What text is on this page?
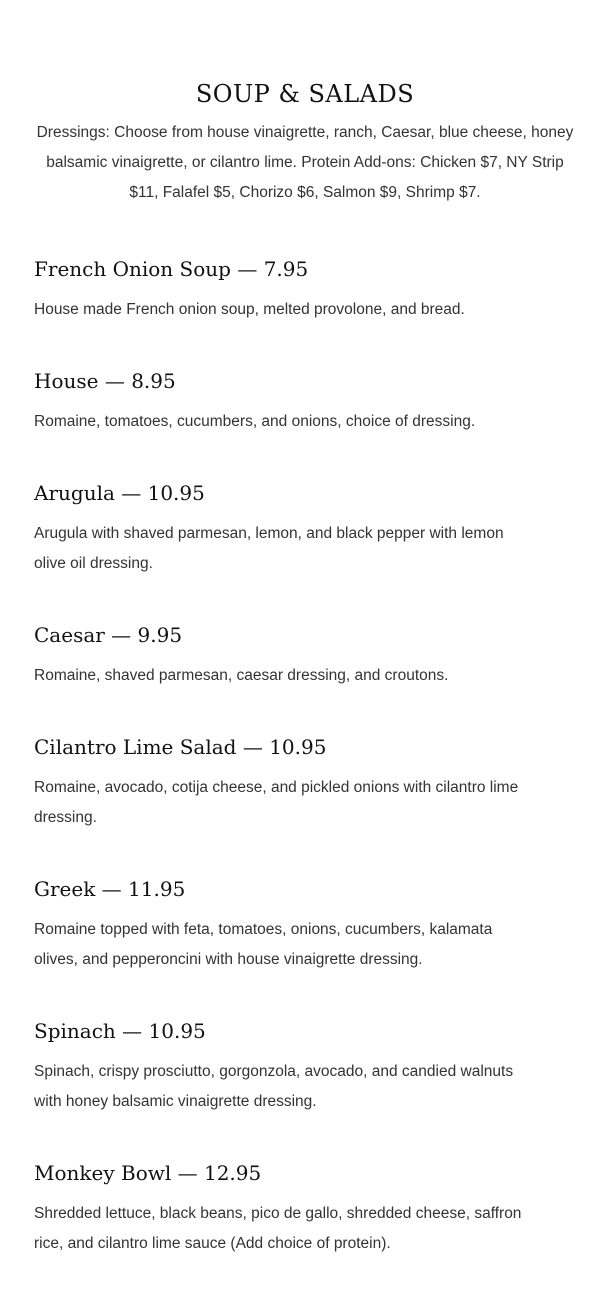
SOUP & SALADS

Dressings: Choose from house vinaigrette, ranch, Caesar, blue cheese, honey balsamic vinaigrette, or cilantro lime. Protein Add-ons: Chicken $7, NY Strip $11, Falafel $5, Chorizo $6, Salmon $9, Shrimp $7.

French Onion Soup — 7.95

House made French onion soup, melted provolone, and bread.

House — 8.95

Romaine, tomatoes, cucumbers, and onions, choice of dressing.

Arugula — 10.95

Arugula with shaved parmesan, lemon, and black pepper with lemon olive oil dressing.

Caesar — 9.95

Romaine, shaved parmesan, caesar dressing, and croutons.

Cilantro Lime Salad — 10.95

Romaine, avocado, cotija cheese, and pickled onions with cilantro lime dressing.

Greek — 11.95

Romaine topped with feta, tomatoes, onions, cucumbers, kalamata olives, and pepperoncini with house vinaigrette dressing.

Spinach — 10.95

Spinach, crispy prosciutto, gorgonzola, avocado, and candied walnuts with honey balsamic vinaigrette dressing.

Monkey Bowl — 12.95

Shredded lettuce, black beans, pico de gallo, shredded cheese, saffron rice, and cilantro lime sauce (Add choice of protein).
